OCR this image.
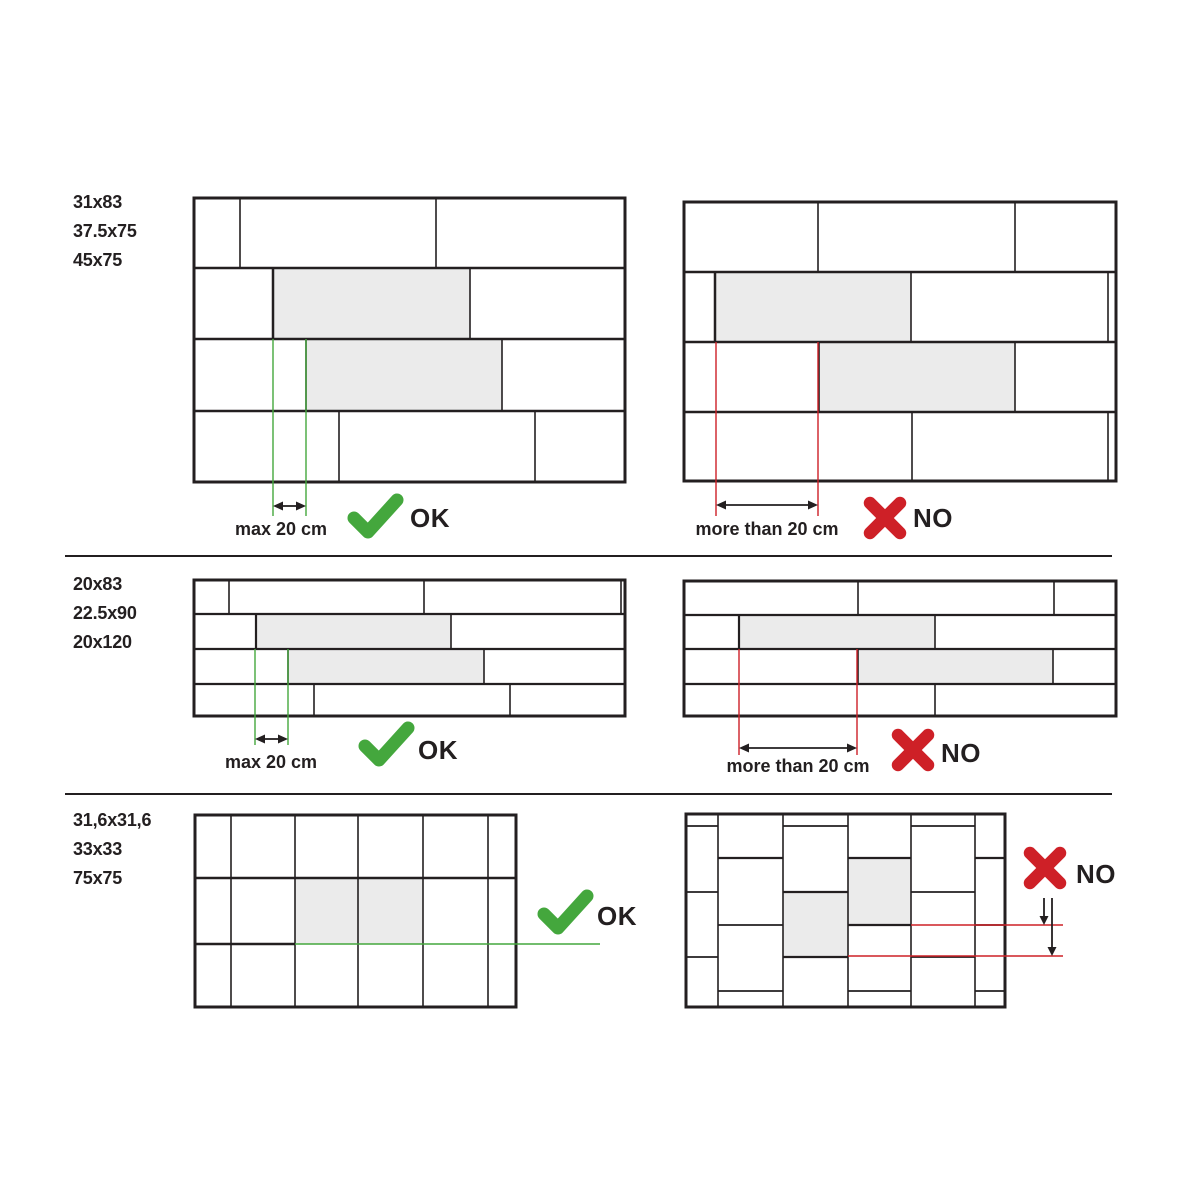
31x83
37.5x75
45x75
max 20 cm	OK	more than 20 cm	NO
20x83
22.5x90
20x120
max 20 cm	OK
more than 20 cm	NO
31,6x31,6
33x33
75x75
OK
NO
